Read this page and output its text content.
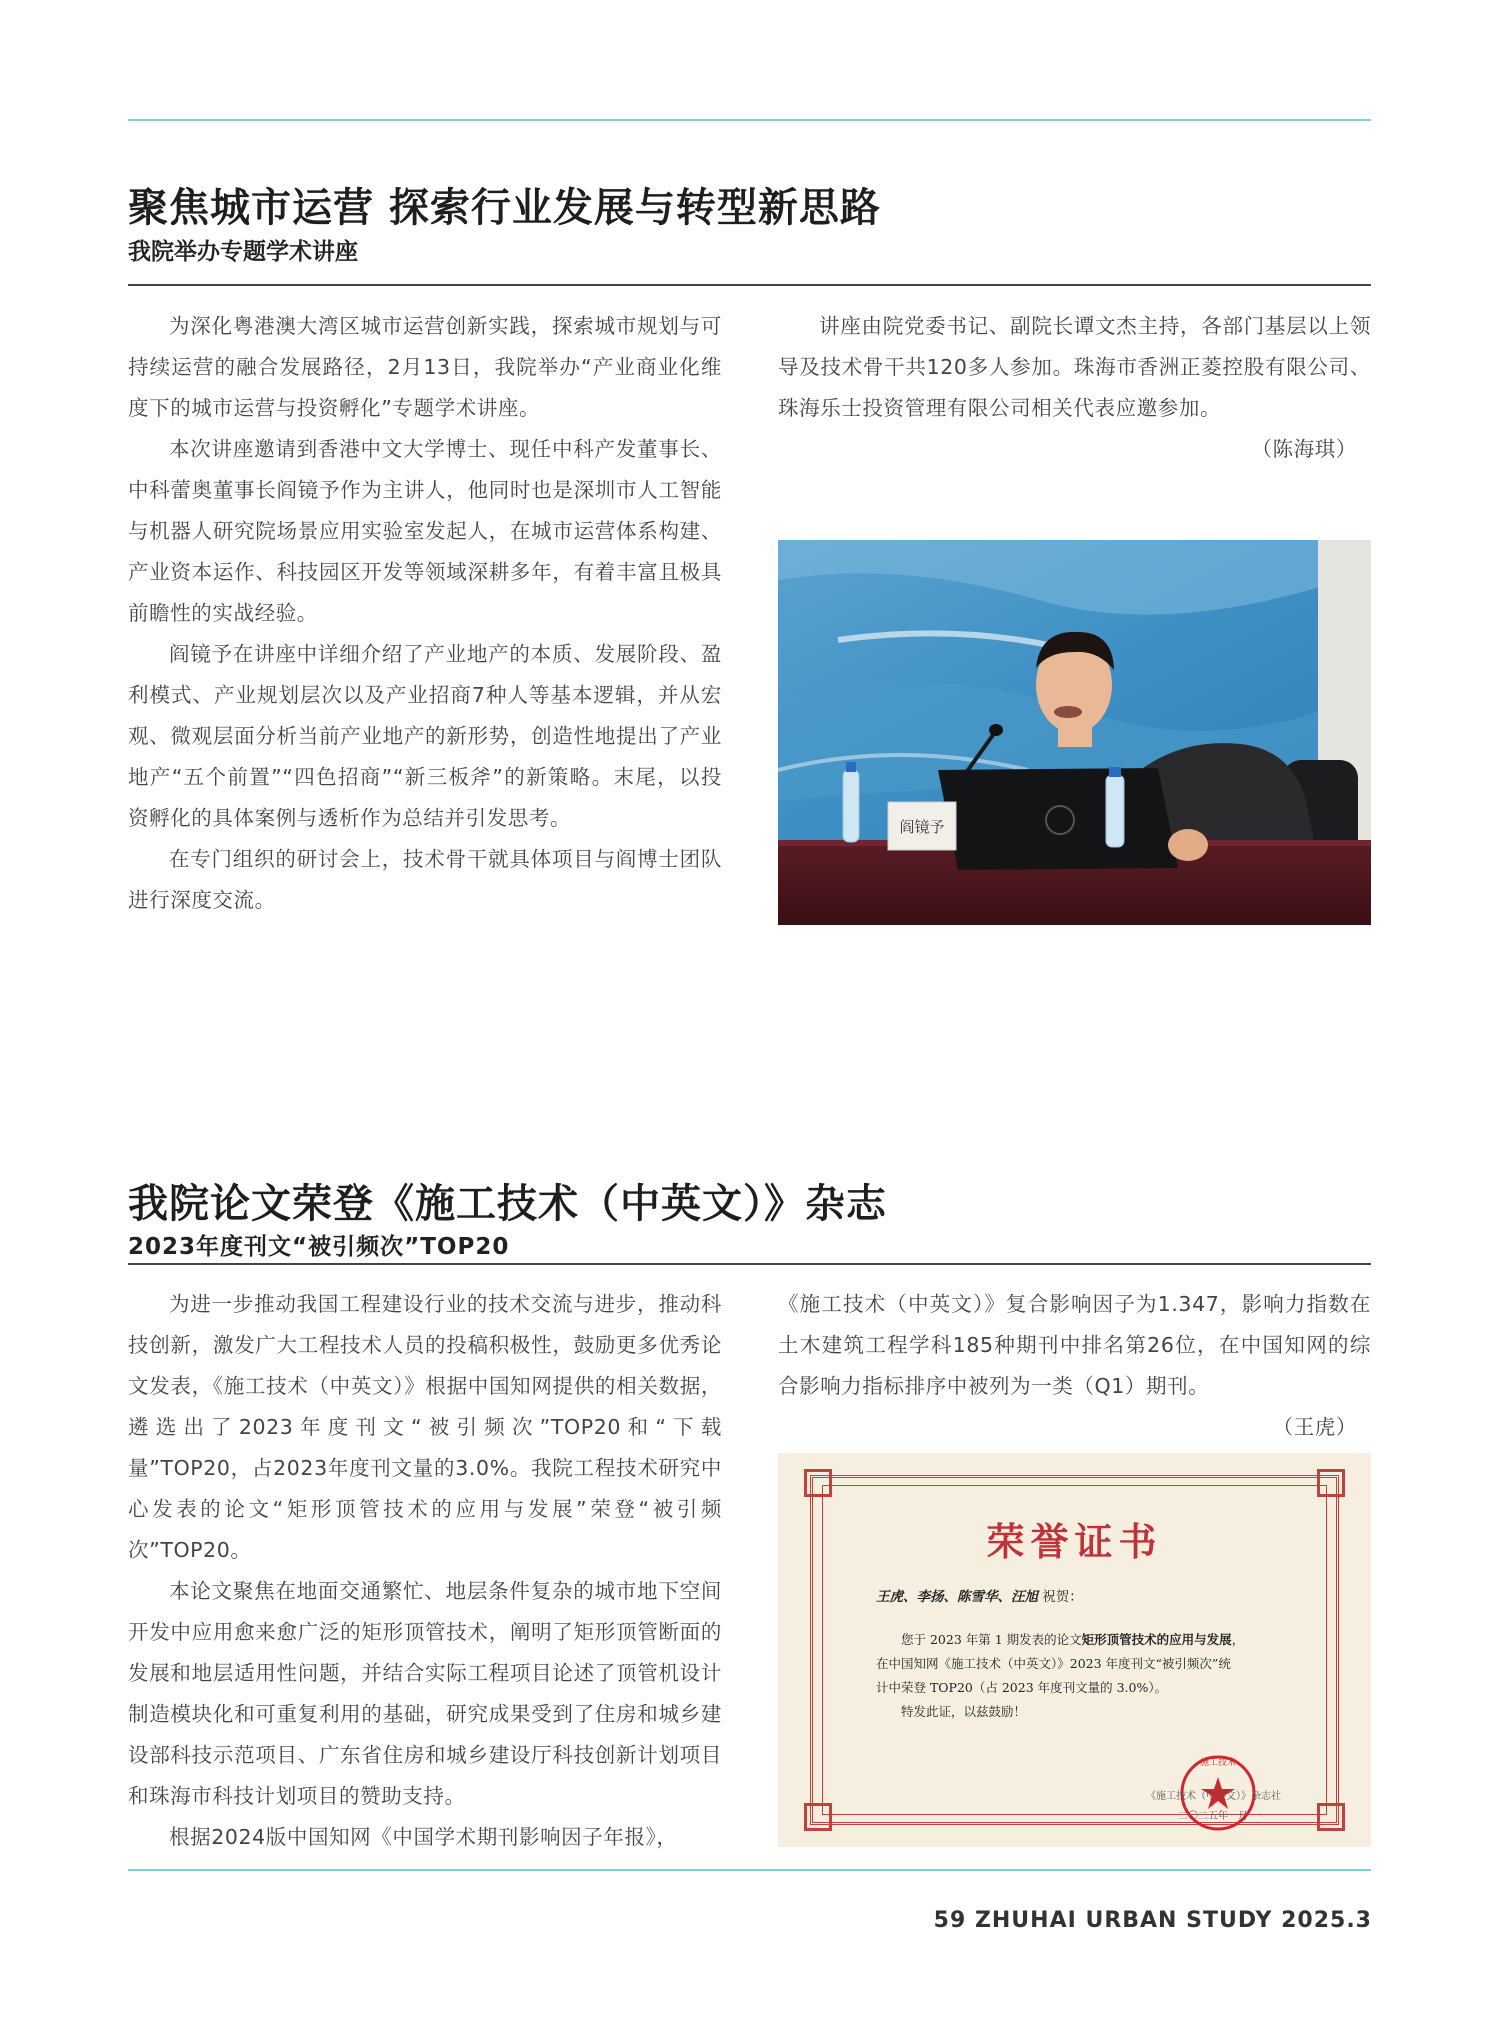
聚焦城市运营 探索行业发展与转型新思路
我院举办专题学术讲座

为深化粤港澳大湾区城市运营创新实践，探索城市规划与可持续运营的融合发展路径，2月13日，我院举办“产业商业化维度下的城市运营与投资孵化”专题学术讲座。

本次讲座邀请到香港中文大学博士、现任中科产发董事长、中科蕾奥董事长阎镜予作为主讲人，他同时也是深圳市人工智能与机器人研究院场景应用实验室发起人，在城市运营体系构建、产业资本运作、科技园区开发等领域深耕多年，有着丰富且极具前瞻性的实战经验。

阎镜予在讲座中详细介绍了产业地产的本质、发展阶段、盈利模式、产业规划层次以及产业招商7种人等基本逻辑，并从宏观、微观层面分析当前产业地产的新形势，创造性地提出了产业地产“五个前置”“四色招商”“新三板斧”的新策略。末尾，以投资孵化的具体案例与透析作为总结并引发思考。

在专门组织的研讨会上，技术骨干就具体项目与阎博士团队进行深度交流。

讲座由院党委书记、副院长谭文杰主持，各部门基层以上领导及技术骨干共120多人参加。珠海市香洲正菱控股有限公司、珠海乐士投资管理有限公司相关代表应邀参加。

（陈海琪）
阎镜予
我院论文荣登《施工技术（中英文）》杂志
2023年度刊文“被引频次”TOP20

为进一步推动我国工程建设行业的技术交流与进步，推动科技创新，激发广大工程技术人员的投稿积极性，鼓励更多优秀论文发表，《施工技术（中英文）》根据中国知网提供的相关数据，遴选出了2023年度刊文“被引频次”TOP20和“下载量”TOP20，占2023年度刊文量的3.0%。我院工程技术研究中心发表的论文“矩形顶管技术的应用与发展”荣登“被引频次”TOP20。

本论文聚焦在地面交通繁忙、地层条件复杂的城市地下空间开发中应用愈来愈广泛的矩形顶管技术，阐明了矩形顶管断面的发展和地层适用性问题，并结合实际工程项目论述了顶管机设计制造模块化和可重复利用的基础，研究成果受到了住房和城乡建设部科技示范项目、广东省住房和城乡建设厅科技创新计划项目和珠海市科技计划项目的赞助支持。

根据2024版中国知网《中国学术期刊影响因子年报》，

《施工技术（中英文）》复合影响因子为1.347，影响力指数在土木建筑工程学科185种期刊中排名第26位，在中国知网的综合影响力指标排序中被列为一类（Q1）期刊。

（王虎）
荣誉证书
王虎、李扬、陈雪华、汪旭 祝贺：

您于 2023 年第 1 期发表的论文矩形顶管技术的应用与发展，

在中国知网《施工技术（中英文）》2023 年度刊文“被引频次”统

计中荣登 TOP20（占 2023 年度刊文量的 3.0%）。

特发此证，以兹鼓励！

施工技术
《施工技术（中英文）》杂志社
二〇二五年一月
59 ZHUHAI URBAN STUDY 2025.3
